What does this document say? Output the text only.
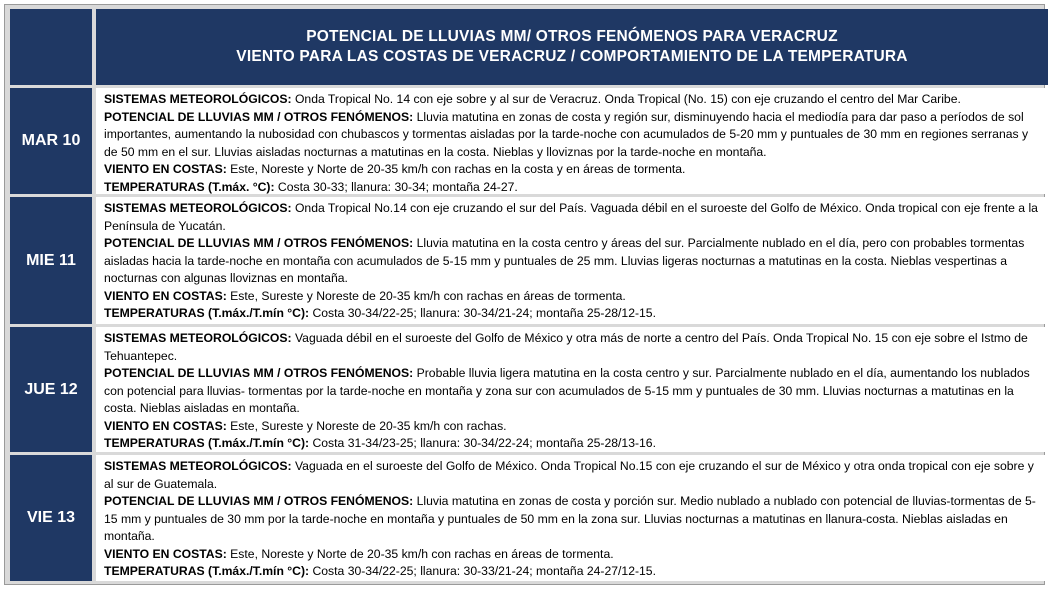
POTENCIAL DE LLUVIAS MM/ OTROS FENÓMENOS PARA VERACRUZ
VIENTO PARA LAS COSTAS DE VERACRUZ / COMPORTAMIENTO DE LA TEMPERATURA
MAR 10

SISTEMAS METEOROLÓGICOS: Onda Tropical No. 14 con eje sobre y al sur de Veracruz. Onda Tropical (No. 15) con eje cruzando el centro del Mar Caribe.

POTENCIAL DE LLUVIAS MM / OTROS FENÓMENOS: Lluvia matutina en zonas de costa y región sur, disminuyendo hacia el mediodía para dar paso a períodos de sol importantes, aumentando la nubosidad con chubascos y tormentas aisladas por la tarde-noche con acumulados de 5-20 mm y puntuales de 30 mm en regiones serranas y de 50 mm en el sur. Lluvias aisladas nocturnas a matutinas en la costa. Nieblas y lloviznas por la tarde-noche en montaña.

VIENTO EN COSTAS: Este, Noreste y Norte de 20-35 km/h con rachas en la costa y en áreas de tormenta.

TEMPERATURAS (T.máx. °C): Costa 30-33; llanura: 30-34; montaña 24-27.

MIE 11

SISTEMAS METEOROLÓGICOS: Onda Tropical No.14 con eje cruzando el sur del País. Vaguada débil en el suroeste del Golfo de México. Onda tropical con eje frente a la Península de Yucatán.

POTENCIAL DE LLUVIAS MM / OTROS FENÓMENOS: Lluvia matutina en la costa centro y áreas del sur. Parcialmente nublado en el día, pero con probables tormentas aisladas hacia la tarde-noche en montaña con acumulados de 5-15 mm y puntuales de 25 mm. Lluvias ligeras nocturnas a matutinas en la costa. Nieblas vespertinas a nocturnas con algunas lloviznas en montaña.

VIENTO EN COSTAS: Este, Sureste y Noreste de 20-35 km/h con rachas en áreas de tormenta.

TEMPERATURAS (T.máx./T.mín °C): Costa 30-34/22-25; llanura: 30-34/21-24; montaña 25-28/12-15.

JUE 12

SISTEMAS METEOROLÓGICOS: Vaguada débil en el suroeste del Golfo de México y otra más de norte a centro del País. Onda Tropical No. 15 con eje sobre el Istmo de Tehuantepec.

POTENCIAL DE LLUVIAS MM / OTROS FENÓMENOS: Probable lluvia ligera matutina en la costa centro y sur. Parcialmente nublado en el día, aumentando los nublados con potencial para lluvias- tormentas por la tarde-noche en montaña y zona sur con acumulados de 5-15 mm y puntuales de 30 mm. Lluvias nocturnas a matutinas en la costa. Nieblas aisladas en montaña.

VIENTO EN COSTAS: Este, Sureste y Noreste de 20-35 km/h con rachas.

TEMPERATURAS (T.máx./T.mín °C): Costa 31-34/23-25; llanura: 30-34/22-24; montaña 25-28/13-16.

VIE 13

SISTEMAS METEOROLÓGICOS: Vaguada en el suroeste del Golfo de México. Onda Tropical No.15 con eje cruzando el sur de México y otra onda tropical con eje sobre y al sur de Guatemala.

POTENCIAL DE LLUVIAS MM / OTROS FENÓMENOS: Lluvia matutina en zonas de costa y porción sur. Medio nublado a nublado con potencial de lluvias-tormentas de 5-15 mm y puntuales de 30 mm por la tarde-noche en montaña y puntuales de 50 mm en la zona sur. Lluvias nocturnas a matutinas en llanura-costa. Nieblas aisladas en montaña.

VIENTO EN COSTAS: Este, Noreste y Norte de 20-35 km/h con rachas en áreas de tormenta.

TEMPERATURAS (T.máx./T.mín °C): Costa 30-34/22-25; llanura: 30-33/21-24; montaña 24-27/12-15.
